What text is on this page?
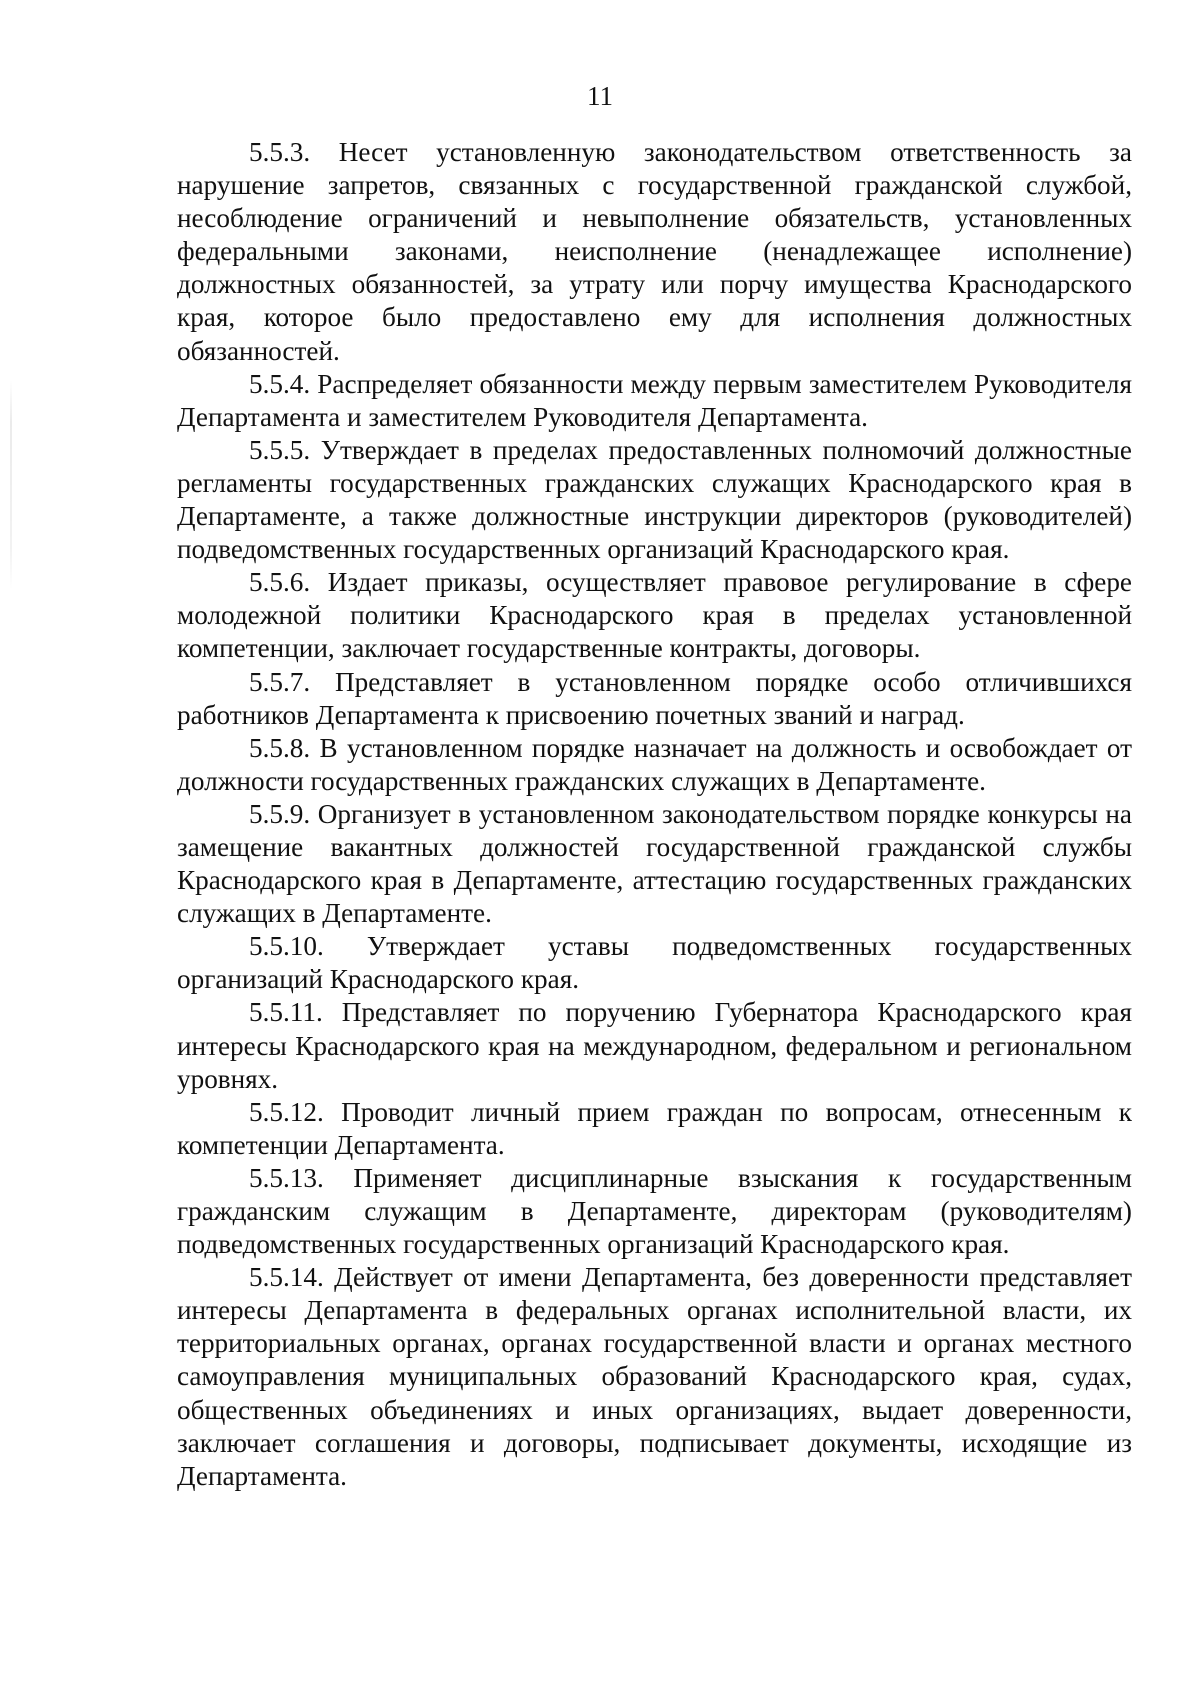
11

5.5.3. Несет установленную законодательством ответственность за нарушение запретов, связанных с государственной гражданской службой, несоблюдение ограничений и невыполнение обязательств, установленных федеральными законами, неисполнение (ненадлежащее исполнение) должностных обязанностей, за утрату или порчу имущества Краснодарского края, которое было предоставлено ему для исполнения должностных обязанностей.

5.5.4. Распределяет обязанности между первым заместителем Руководителя Департамента и заместителем Руководителя Департамента.

5.5.5. Утверждает в пределах предоставленных полномочий должностные регламенты государственных гражданских служащих Краснодарского края в Департаменте, а также должностные инструкции директоров (руководителей) подведомственных государственных организаций Краснодарского края.

5.5.6. Издает приказы, осуществляет правовое регулирование в сфере молодежной политики Краснодарского края в пределах установленной компетенции, заключает государственные контракты, договоры.

5.5.7. Представляет в установленном порядке особо отличившихся работников Департамента к присвоению почетных званий и наград.

5.5.8. В установленном порядке назначает на должность и освобождает от должности государственных гражданских служащих в Департаменте.

5.5.9. Организует в установленном законодательством порядке конкурсы на замещение вакантных должностей государственной гражданской службы Краснодарского края в Департаменте, аттестацию государственных гражданских служащих в Департаменте.

5.5.10. Утверждает уставы подведомственных государственных организаций Краснодарского края.

5.5.11. Представляет по поручению Губернатора Краснодарского края интересы Краснодарского края на международном, федеральном и региональном уровнях.

5.5.12. Проводит личный прием граждан по вопросам, отнесенным к компетенции Департамента.

5.5.13. Применяет дисциплинарные взыскания к государственным гражданским служащим в Департаменте, директорам (руководителям) подведомственных государственных организаций Краснодарского края.

5.5.14. Действует от имени Департамента, без доверенности представляет интересы Департамента в федеральных органах исполнительной власти, их территориальных органах, органах государственной власти и органах местного самоуправления муниципальных образований Краснодарского края, судах, общественных объединениях и иных организациях, выдает доверенности, заключает соглашения и договоры, подписывает документы, исходящие из Департамента.
